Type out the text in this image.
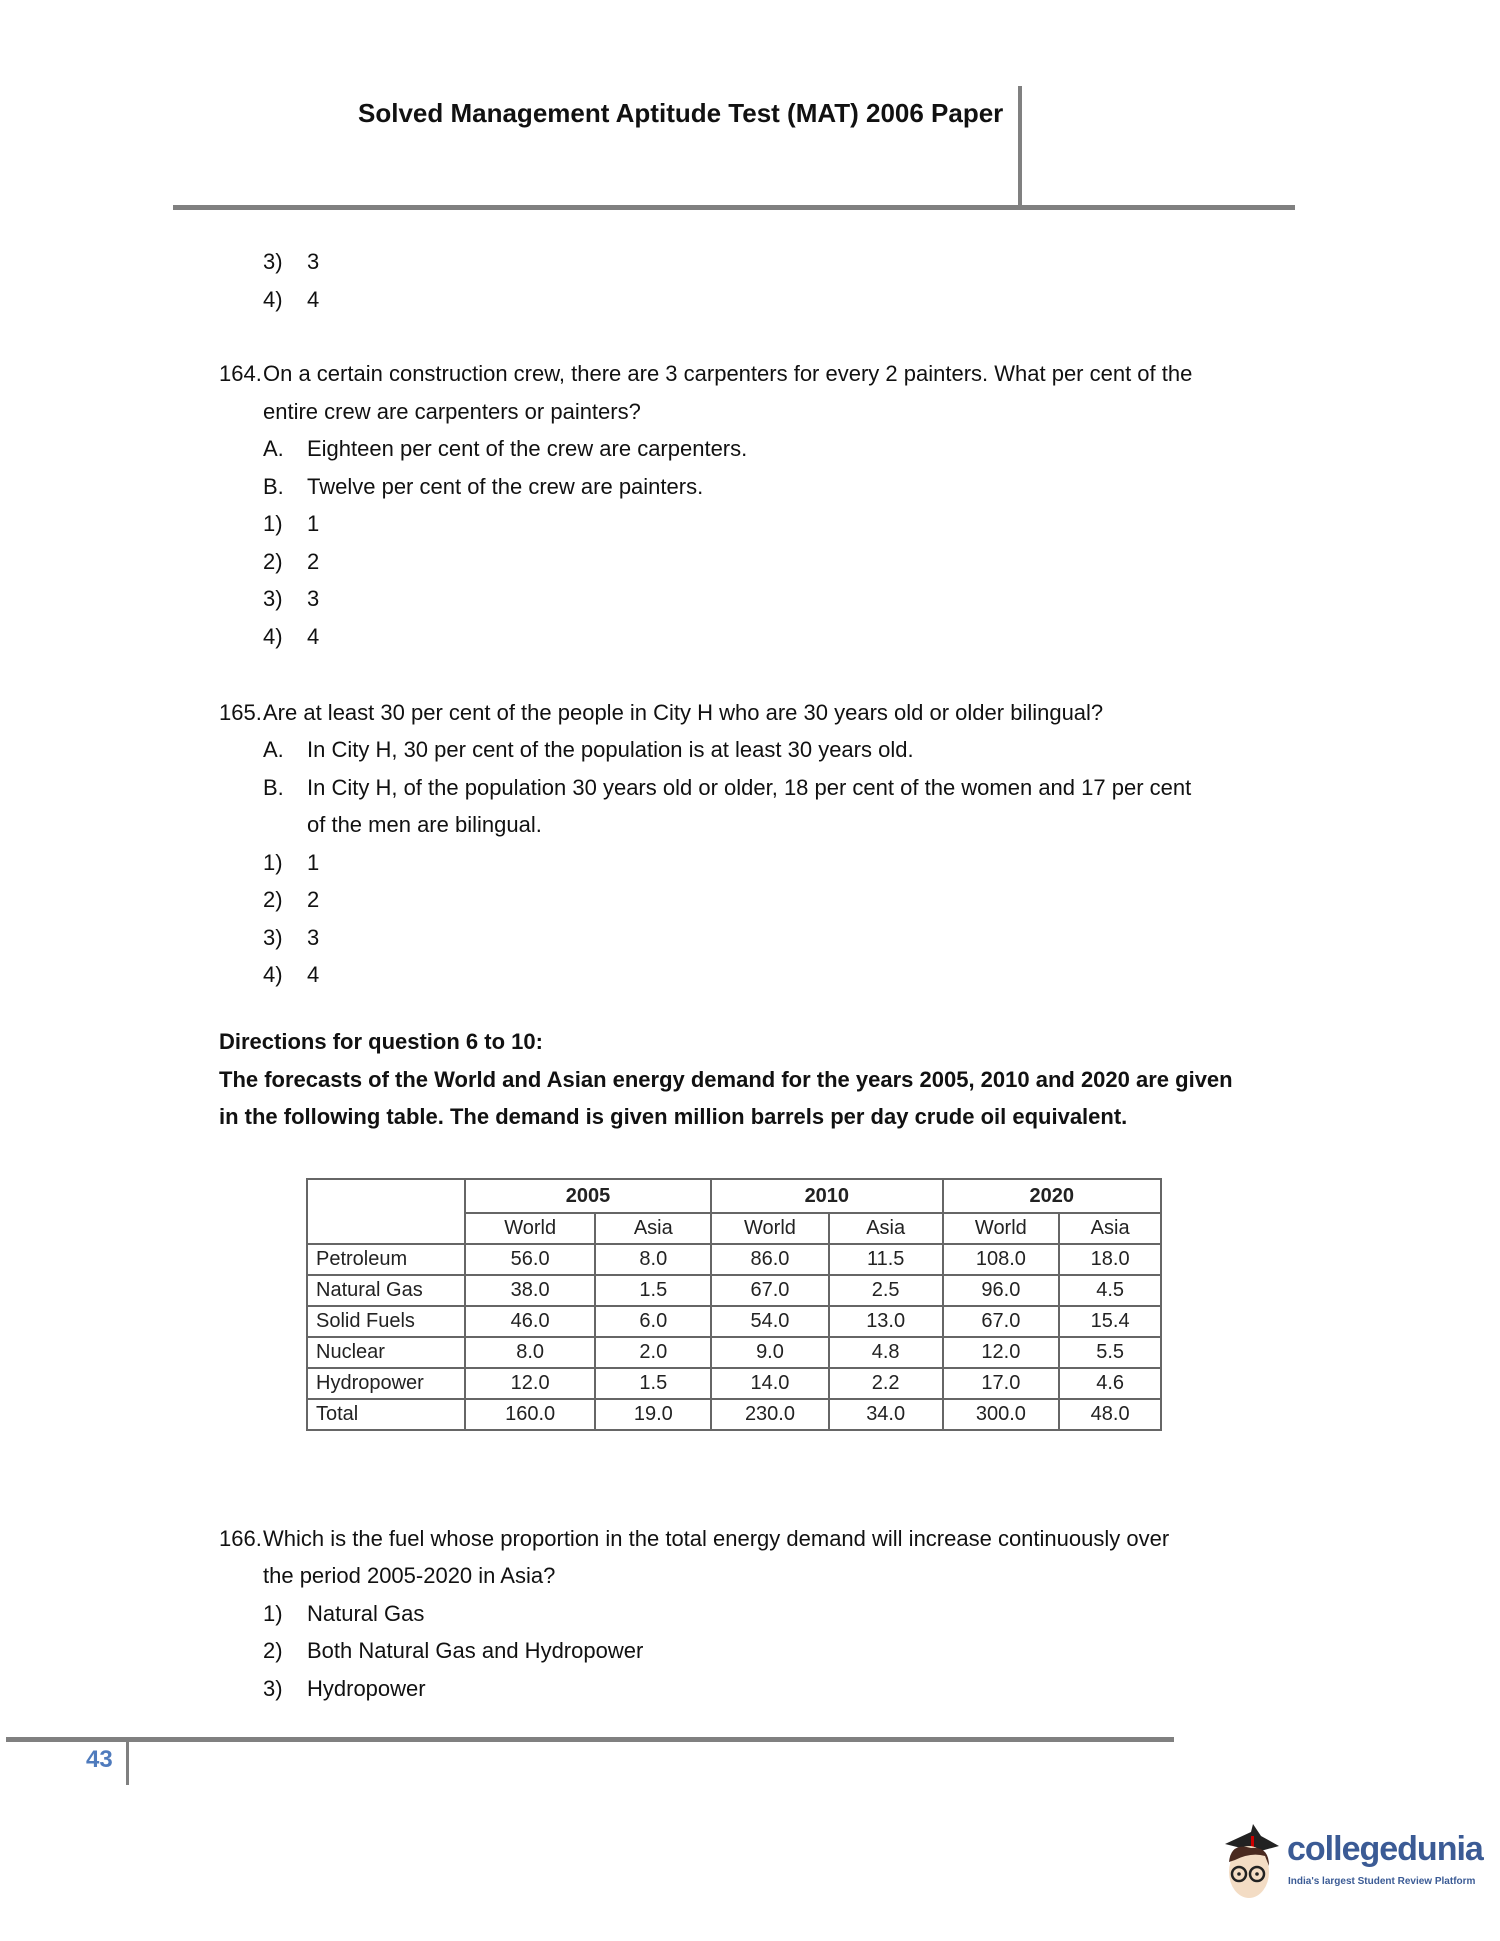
Solved Management Aptitude Test (MAT) 2006 Paper
3) 3
4) 4
164. On a certain construction crew, there are 3 carpenters for every 2 painters. What per cent of the
entire crew are carpenters or painters?
A. Eighteen per cent of the crew are carpenters.
B. Twelve per cent of the crew are painters.
1) 1
2) 2
3) 3
4) 4
165. Are at least 30 per cent of the people in City H who are 30 years old or older bilingual?
A. In City H, 30 per cent of the population is at least 30 years old.
B. In City H, of the population 30 years old or older, 18 per cent of the women and 17 per cent
of the men are bilingual.
1) 1
2) 2
3) 3
4) 4
Directions for question 6 to 10:
The forecasts of the World and Asian energy demand for the years 2005, 2010 and 2020 are given
in the following table. The demand is given million barrels per day crude oil equivalent.
	2005		2010		2020	
	World	Asia	World	Asia	World	Asia
Petroleum	56.0	8.0	86.0	11.5	108.0	18.0
Natural Gas	38.0	1.5	67.0	2.5	96.0	4.5
Solid Fuels	46.0	6.0	54.0	13.0	67.0	15.4
Nuclear	8.0	2.0	9.0	4.8	12.0	5.5
Hydropower	12.0	1.5	14.0	2.2	17.0	4.6
Total	160.0	19.0	230.0	34.0	300.0	48.0
166. Which is the fuel whose proportion in the total energy demand will increase continuously over
the period 2005-2020 in Asia?
1) Natural Gas
2) Both Natural Gas and Hydropower
3) Hydropower
43
collegedunia
India's largest Student Review Platform
